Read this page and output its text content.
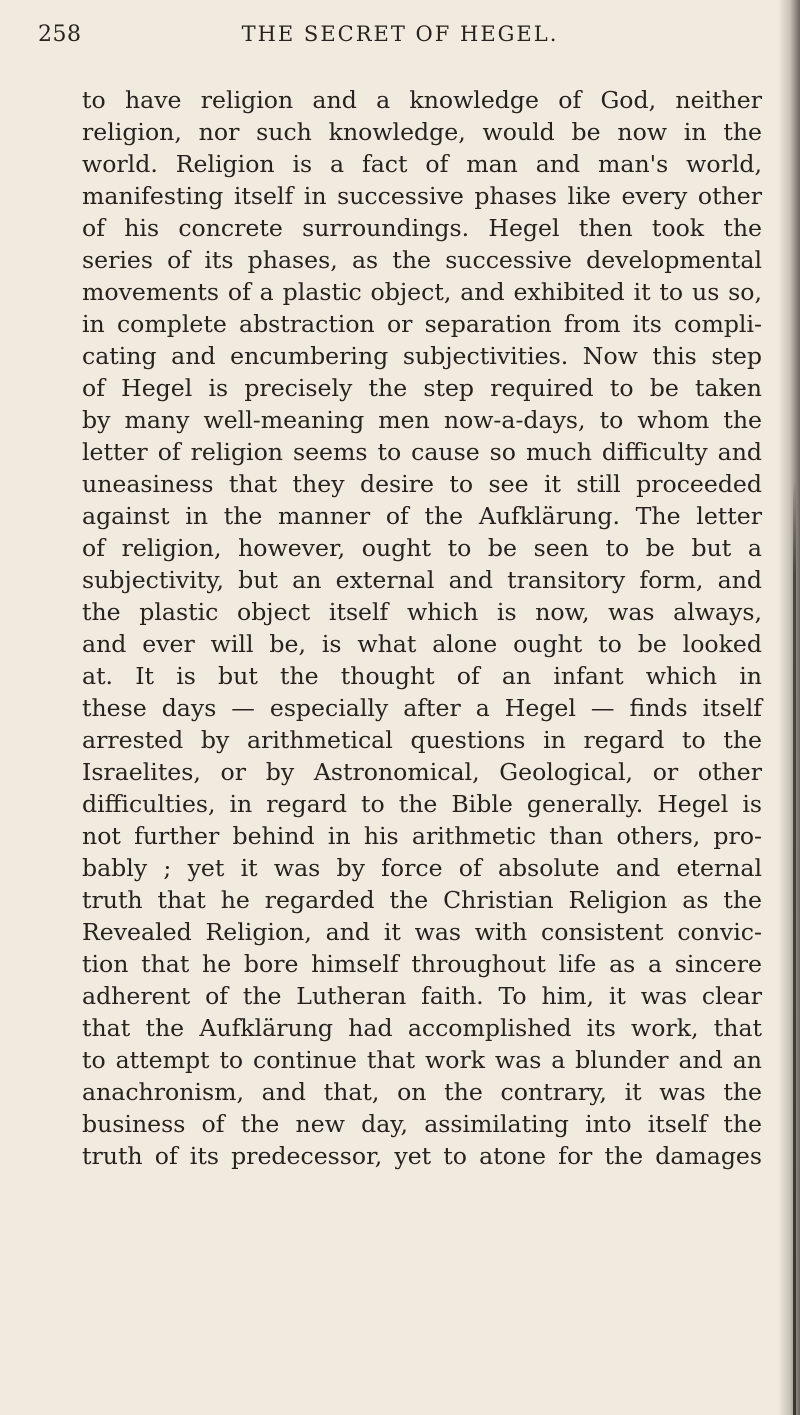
258	THE SECRET OF HEGEL.
to have religion and a knowledge of God, neither
religion, nor such knowledge, would be now in the
world. Religion is a fact of man and man's world,
manifesting itself in successive phases like every other
of his concrete surroundings. Hegel then took the
series of its phases, as the successive developmental
movements of a plastic object, and exhibited it to us so,
in complete abstraction or separation from its compli-
cating and encumbering subjectivities. Now this step
of Hegel is precisely the step required to be taken
by many well-meaning men now-a-days, to whom the
letter of religion seems to cause so much difficulty and
uneasiness that they desire to see it still proceeded
against in the manner of the Aufklärung. The letter
of religion, however, ought to be seen to be but a
subjectivity, but an external and transitory form, and
the plastic object itself which is now, was always,
and ever will be, is what alone ought to be looked
at. It is but the thought of an infant which in
these days — especially after a Hegel — finds itself
arrested by arithmetical questions in regard to the
Israelites, or by Astronomical, Geological, or other
difficulties, in regard to the Bible generally. Hegel is
not further behind in his arithmetic than others, pro-
bably ; yet it was by force of absolute and eternal
truth that he regarded the Christian Religion as the
Revealed Religion, and it was with consistent convic-
tion that he bore himself throughout life as a sincere
adherent of the Lutheran faith. To him, it was clear
that the Aufklärung had accomplished its work, that
to attempt to continue that work was a blunder and an
anachronism, and that, on the contrary, it was the
business of the new day, assimilating into itself the
truth of its predecessor, yet to atone for the damages
